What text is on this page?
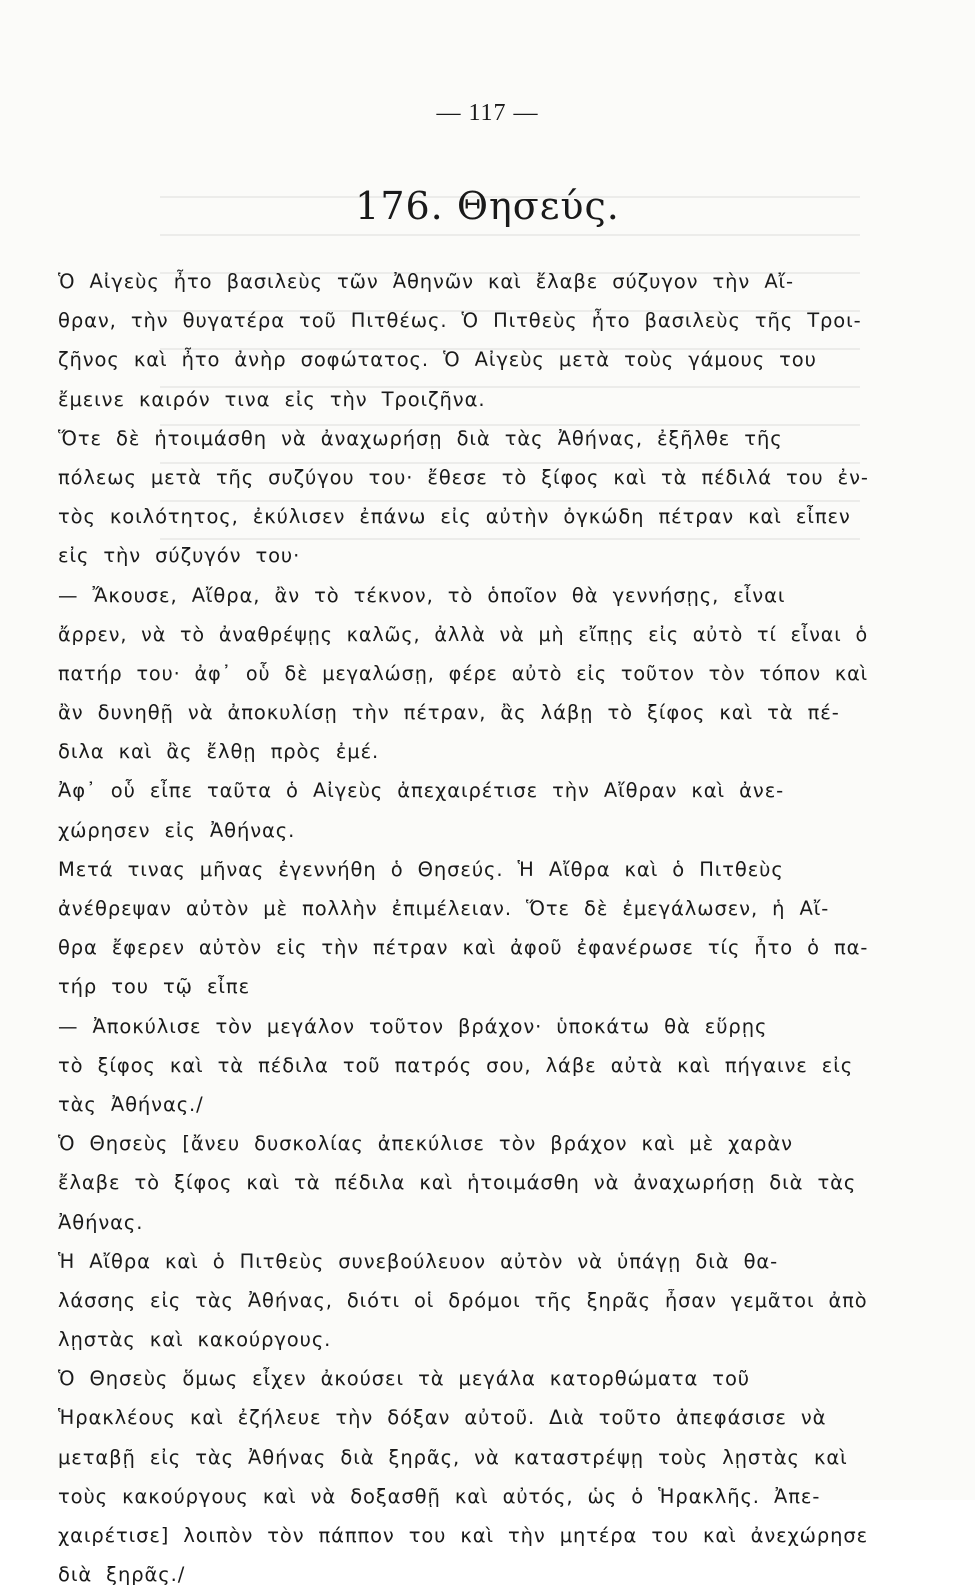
— 117 —
176. Θησεύς.
Ὁ Αἰγεὺς ἦτο βασιλεὺς τῶν Ἀθηνῶν καὶ ἔλαβε σύζυγον τὴν Αἴ-
θραν, τὴν θυγατέρα τοῦ Πιτθέως. Ὁ Πιτθεὺς ἦτο βασιλεὺς τῆς Τροι-
ζῆνος καὶ ἦτο ἀνὴρ σοφώτατος. Ὁ Αἰγεὺς μετὰ τοὺς γάμους του
ἔμεινε καιρόν τινα εἰς τὴν Τροιζῆνα.
Ὅτε δὲ ἡτοιμάσθη νὰ ἀναχωρήσῃ διὰ τὰς Ἀθήνας, ἐξῆλθε τῆς
πόλεως μετὰ τῆς συζύγου του· ἔθεσε τὸ ξίφος καὶ τὰ πέδιλά του ἐν-
τὸς κοιλότητος, ἐκύλισεν ἐπάνω εἰς αὐτὴν ὀγκώδη πέτραν καὶ εἶπεν
εἰς τὴν σύζυγόν του·
— Ἄκουσε, Αἴθρα, ἂν τὸ τέκνον, τὸ ὁποῖον θὰ γεννήσῃς, εἶναι
ἄρρεν, νὰ τὸ ἀναθρέψῃς καλῶς, ἀλλὰ νὰ μὴ εἴπῃς εἰς αὐτὸ τί εἶναι ὁ
πατήρ του· ἀφ᾽ οὗ δὲ μεγαλώσῃ, φέρε αὐτὸ εἰς τοῦτον τὸν τόπον καὶ
ἂν δυνηθῇ νὰ ἀποκυλίσῃ τὴν πέτραν, ἂς λάβῃ τὸ ξίφος καὶ τὰ πέ-
διλα καὶ ἂς ἔλθῃ πρὸς ἐμέ.
Ἀφ᾽ οὗ εἶπε ταῦτα ὁ Αἰγεὺς ἀπεχαιρέτισε τὴν Αἴθραν καὶ ἀνε-
χώρησεν εἰς Ἀθήνας.
Μετά τινας μῆνας ἐγεννήθη ὁ Θησεύς. Ἡ Αἴθρα καὶ ὁ Πιτθεὺς
ἀνέθρεψαν αὐτὸν μὲ πολλὴν ἐπιμέλειαν. Ὅτε δὲ ἐμεγάλωσεν, ἡ Αἴ-
θρα ἔφερεν αὐτὸν εἰς τὴν πέτραν καὶ ἀφοῦ ἐφανέρωσε τίς ἦτο ὁ πα-
τήρ του τῷ εἶπε
— Ἀποκύλισε τὸν μεγάλον τοῦτον βράχον· ὑποκάτω θὰ εὕρῃς
τὸ ξίφος καὶ τὰ πέδιλα τοῦ πατρός σου, λάβε αὐτὰ καὶ πήγαινε εἰς
τὰς Ἀθήνας./
Ὁ Θησεὺς [ἄνευ δυσκολίας ἀπεκύλισε τὸν βράχον καὶ μὲ χαρὰν
ἔλαβε τὸ ξίφος καὶ τὰ πέδιλα καὶ ἡτοιμάσθη νὰ ἀναχωρήσῃ διὰ τὰς
Ἀθήνας.
Ἡ Αἴθρα καὶ ὁ Πιτθεὺς συνεβούλευον αὐτὸν νὰ ὑπάγῃ διὰ θα-
λάσσης εἰς τὰς Ἀθήνας, διότι οἱ δρόμοι τῆς ξηρᾶς ἦσαν γεμᾶτοι ἀπὸ
λῃστὰς καὶ κακούργους.
Ὁ Θησεὺς ὅμως εἶχεν ἀκούσει τὰ μεγάλα κατορθώματα τοῦ
Ἡρακλέους καὶ ἐζήλευε τὴν δόξαν αὐτοῦ. Διὰ τοῦτο ἀπεφάσισε νὰ
μεταβῇ εἰς τὰς Ἀθήνας διὰ ξηρᾶς, νὰ καταστρέψῃ τοὺς λῃστὰς καὶ
τοὺς κακούργους καὶ νὰ δοξασθῇ καὶ αὐτός, ὡς ὁ Ἡρακλῆς. Ἀπε-
χαιρέτισε] λοιπὸν τὸν πάππον του καὶ τὴν μητέρα του καὶ ἀνεχώρησε
διὰ ξηρᾶς./
